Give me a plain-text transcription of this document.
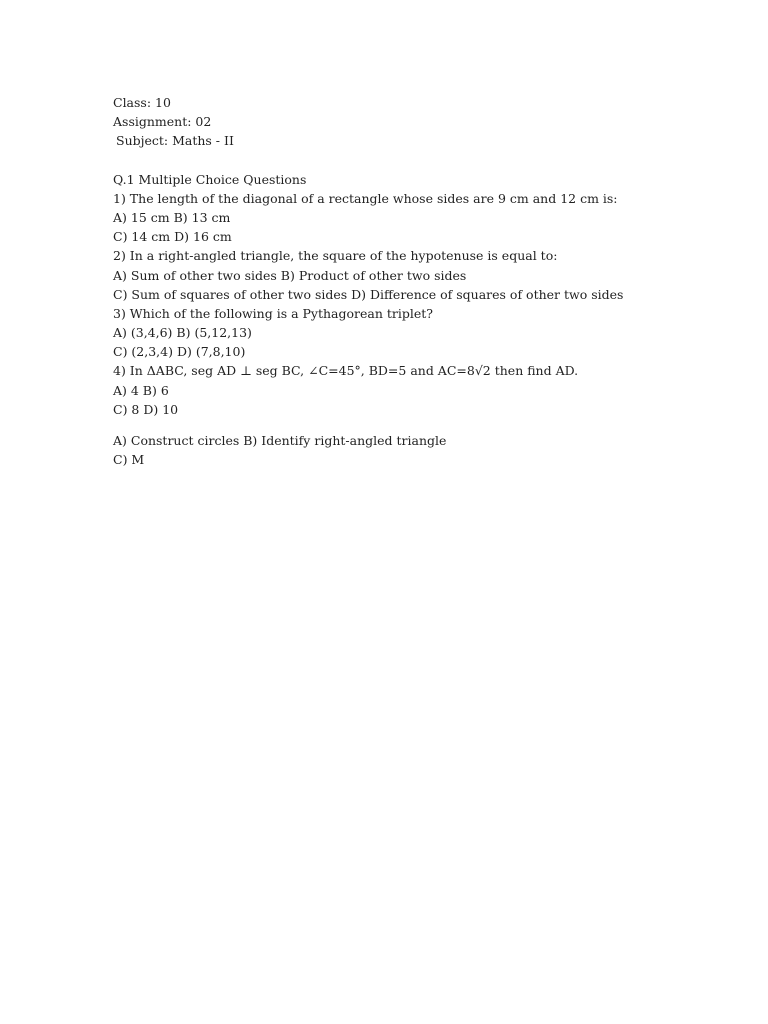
Class: 10
Assignment: 02
Subject: Maths - II
Q.1 Multiple Choice Questions
1) The length of the diagonal of a rectangle whose sides are 9 cm and 12 cm is:
A) 15 cm B) 13 cm
C) 14 cm D) 16 cm
2) In a right-angled triangle, the square of the hypotenuse is equal to:
A) Sum of other two sides B) Product of other two sides
C) Sum of squares of other two sides D) Difference of squares of other two sides
3) Which of the following is a Pythagorean triplet?
A) (3,4,6) B) (5,12,13)
C) (2,3,4) D) (7,8,10)
4) In ΔABC, seg AD ⊥ seg BC, ∠C=45°, BD=5 and AC=8√2 then find AD.
A) 4 B) 6
C) 8 D) 10
A) Construct circles B) Identify right-angled triangle
C) M
